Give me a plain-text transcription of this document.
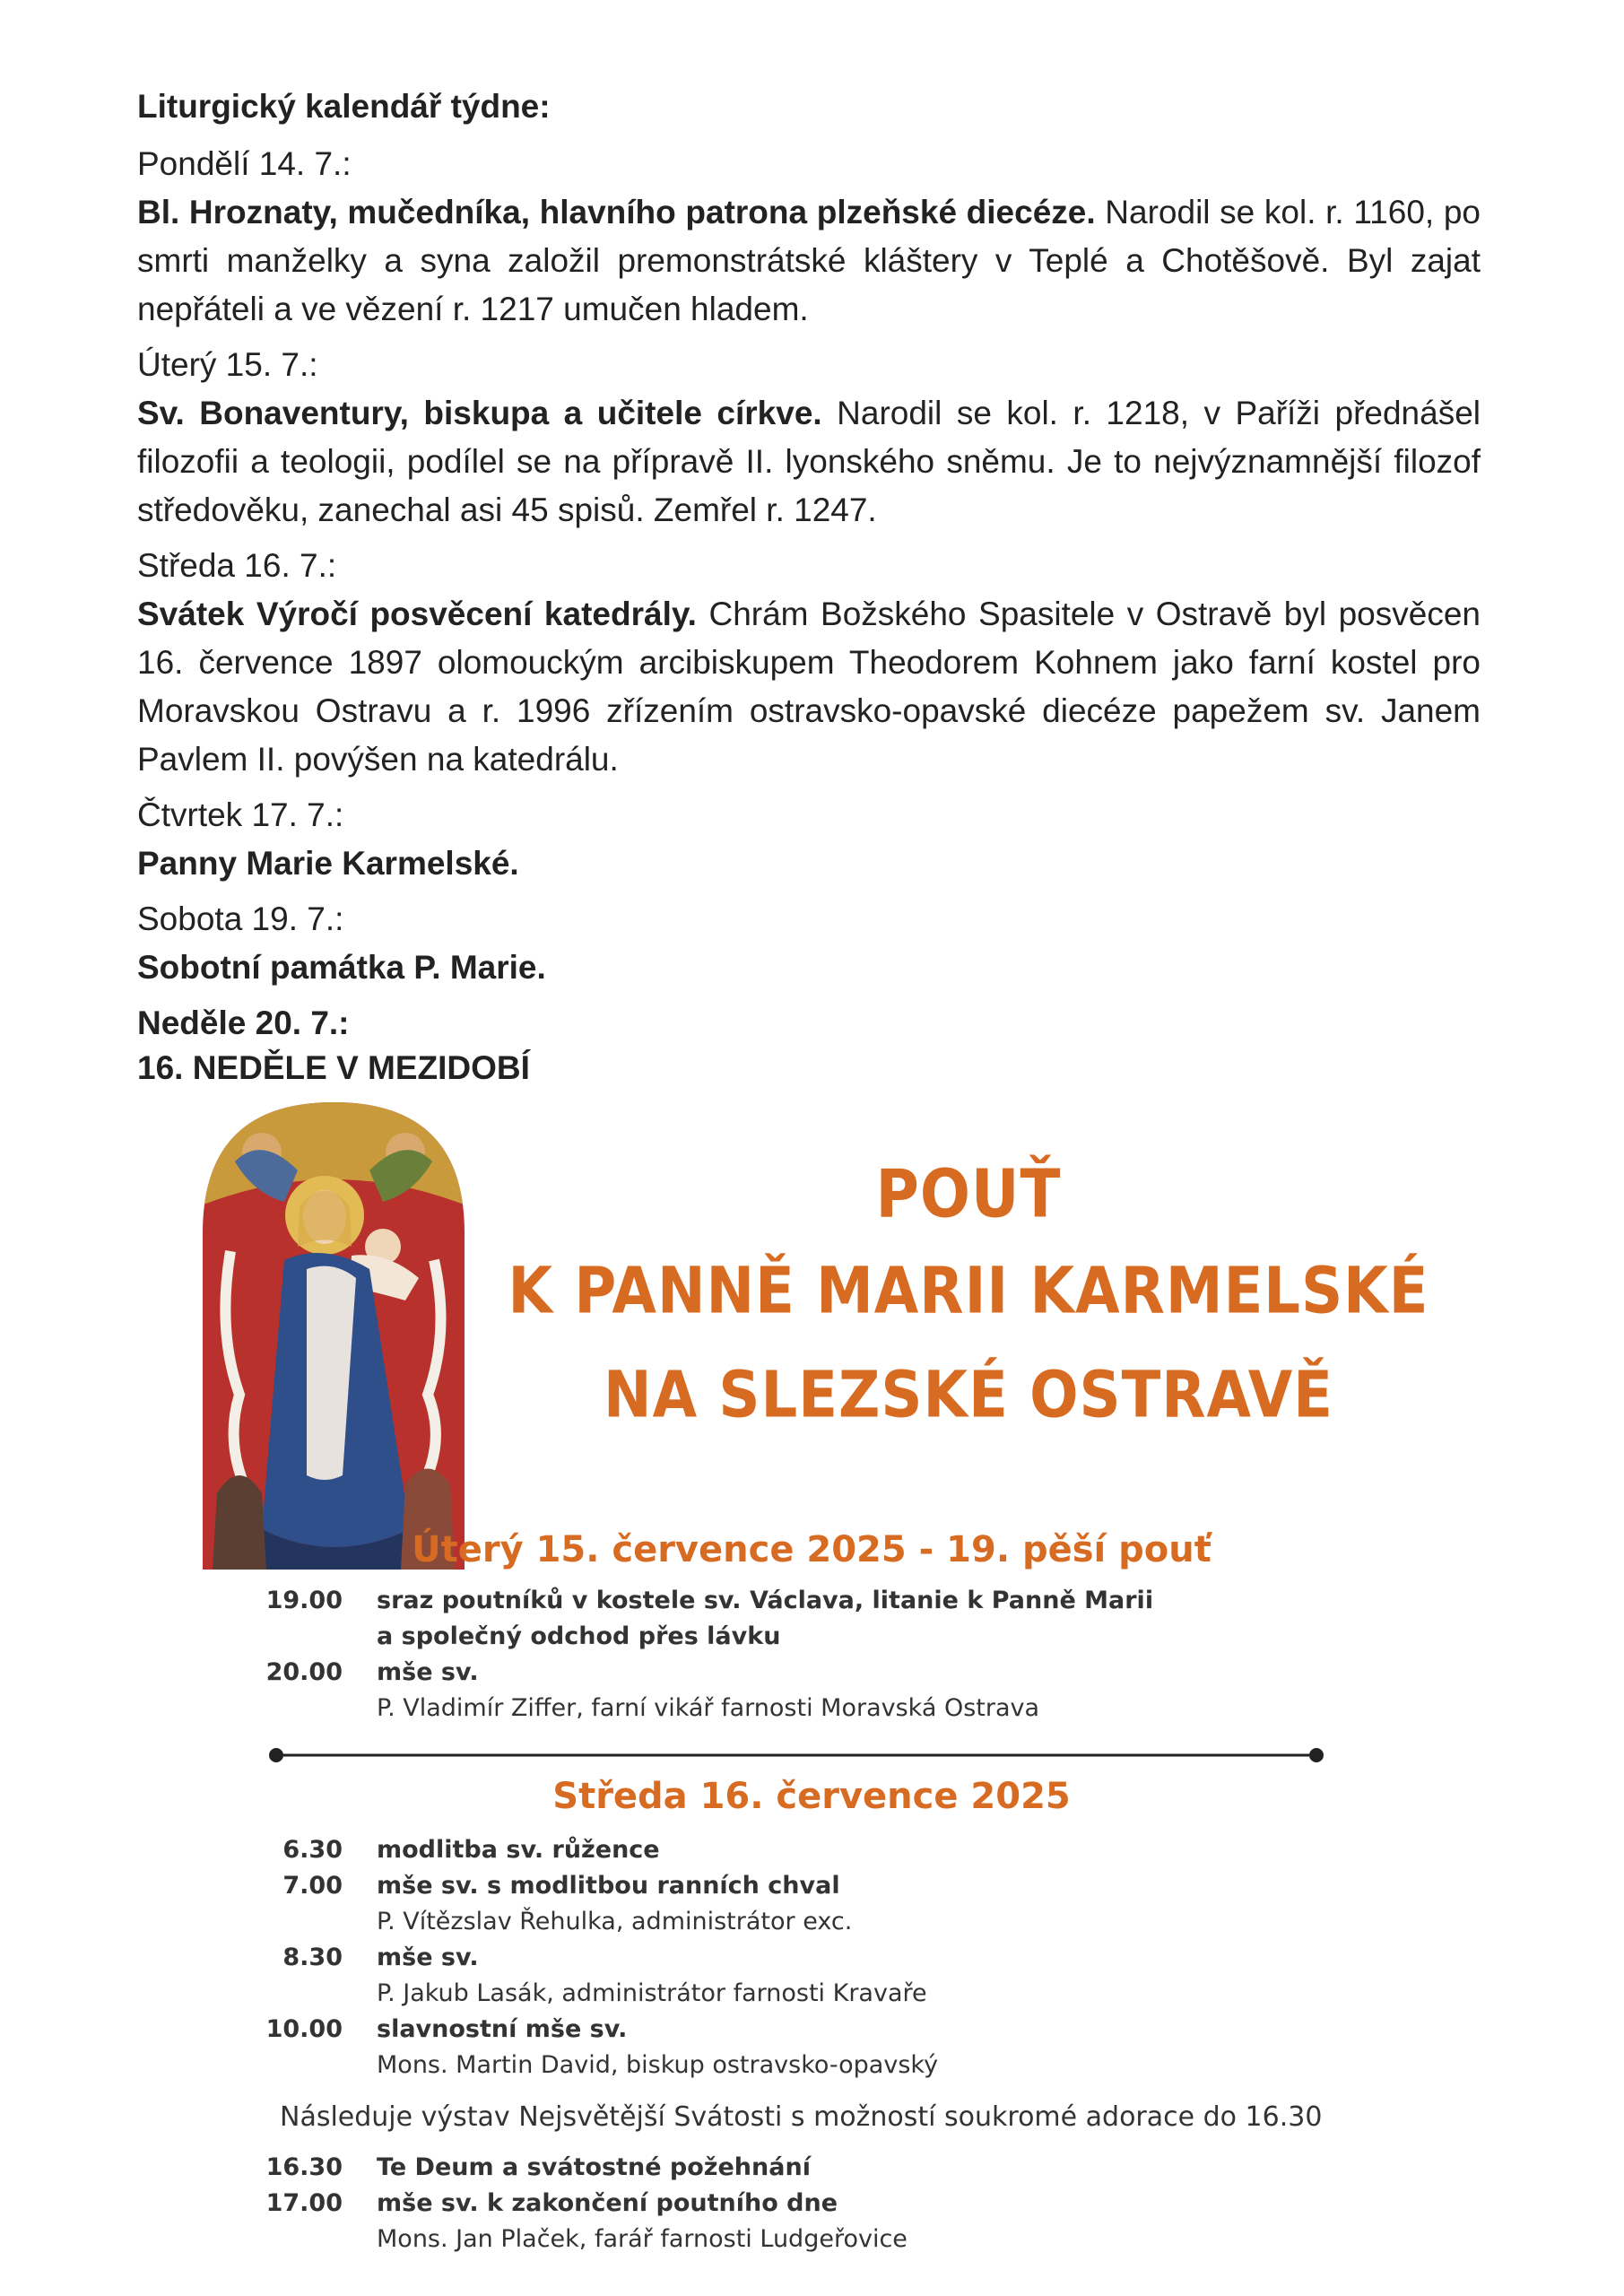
Liturgický kalendář týdne:
Pondělí 14. 7.:
Bl. Hroznaty, mučedníka, hlavního patrona plzeňské diecéze. Narodil se kol. r. 1160, po smrti manželky a syna založil premonstrátské kláštery v Teplé a Chotěšově. Byl zajat nepřáteli a ve vězení r. 1217 umučen hladem.
Úterý 15. 7.:
Sv. Bonaventury, biskupa a učitele církve. Narodil se kol. r. 1218, v Paříži přednášel filozofii a teologii, podílel se na přípravě II. lyonského sněmu. Je to nejvýznamnější filozof středověku, zanechal asi 45 spisů. Zemřel r. 1247.
Středa 16. 7.:
Svátek Výročí posvěcení katedrály. Chrám Božského Spasitele v Ostravě byl posvěcen 16. července 1897 olomouckým arcibiskupem Theodorem Kohnem jako farní kostel pro Moravskou Ostravu a r. 1996 zřízením ostravsko-opavské diecéze papežem sv. Janem Pavlem II. povýšen na katedrálu.
Čtvrtek 17. 7.:
Panny Marie Karmelské.
Sobota 19. 7.:
Sobotní památka P. Marie.
Neděle 20. 7.:
16. NEDĚLE V MEZIDOBÍ
POUŤ
K PANNĚ MARII KARMELSKÉ
NA SLEZSKÉ OSTRAVĚ
Úterý 15. července 2025 - 19. pěší pouť
19.00	sraz poutníků v kostele sv. Václava, litanie k Panně Marii
a společný odchod přes lávku
20.00	mše sv.
P. Vladimír Ziffer, farní vikář farnosti Moravská Ostrava
Středa 16. července 2025
6.30	modlitba sv. růžence
7.00	mše sv. s modlitbou ranních chval
P. Vítězslav Řehulka, administrátor exc.
8.30	mše sv.
P. Jakub Lasák, administrátor farnosti Kravaře
10.00	slavnostní mše sv.
Mons. Martin David, biskup ostravsko-opavský
Následuje výstav Nejsvětější Svátosti s možností soukromé adorace do 16.30
16.30	Te Deum a svátostné požehnání
17.00	mše sv. k zakončení poutního dne
Mons. Jan Plaček, farář farnosti Ludgeřovice
